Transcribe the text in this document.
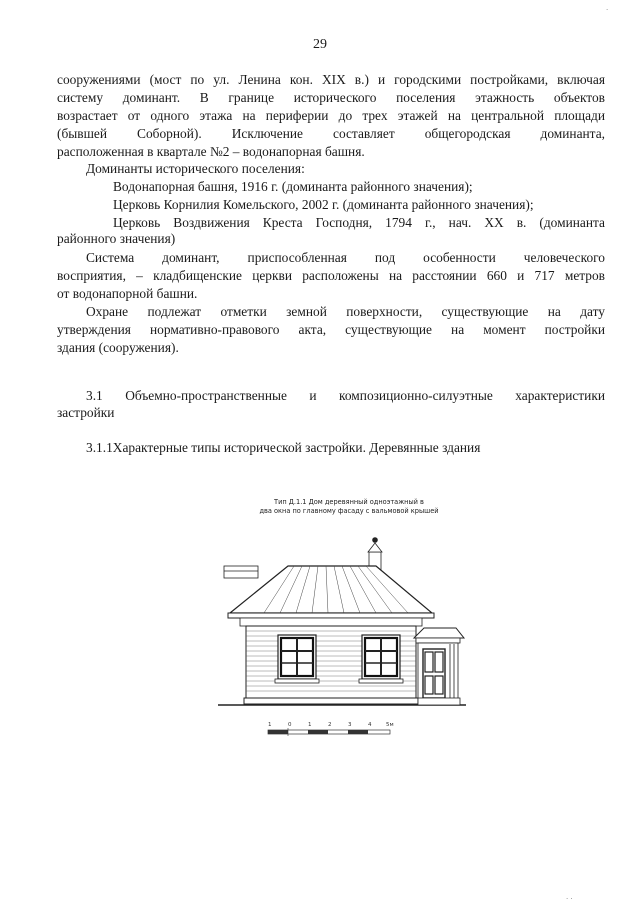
29
сооружениями (мост по ул. Ленина кон. XIX в.) и городскими постройками, включая
систему доминант. В границе исторического поселения этажность объектов
возрастает от одного этажа на периферии до трех этажей на центральной площади
(бывшей Соборной). Исключение составляет общегородская доминанта,
расположенная в квартале №2 – водонапорная башня.
Доминанты исторического поселения:
Водонапорная башня, 1916 г. (доминанта районного значения);
Церковь Корнилия Комельского, 2002 г. (доминанта районного значения);
Церковь Воздвижения Креста Господня, 1794 г., нач. XX в. (доминанта
районного значения)
Система доминант, приспособленная под особенности человеческого
восприятия, – кладбищенские церкви расположены на расстоянии 660 и 717 метров
от водонапорной башни.
Охране подлежат отметки земной поверхности, существующие на дату
утверждения нормативно-правового акта, существующие на момент постройки
здания (сооружения).
3.1 Объемно-пространственные и композиционно-силуэтные характеристики
застройки
3.1.1Характерные типы исторической застройки. Деревянные здания
Тип Д.1.1 Дом деревянный одноэтажный в
два окна по главному фасаду с вальмовой крышей
1	0	1	2	3	4	5м
·
· ·
